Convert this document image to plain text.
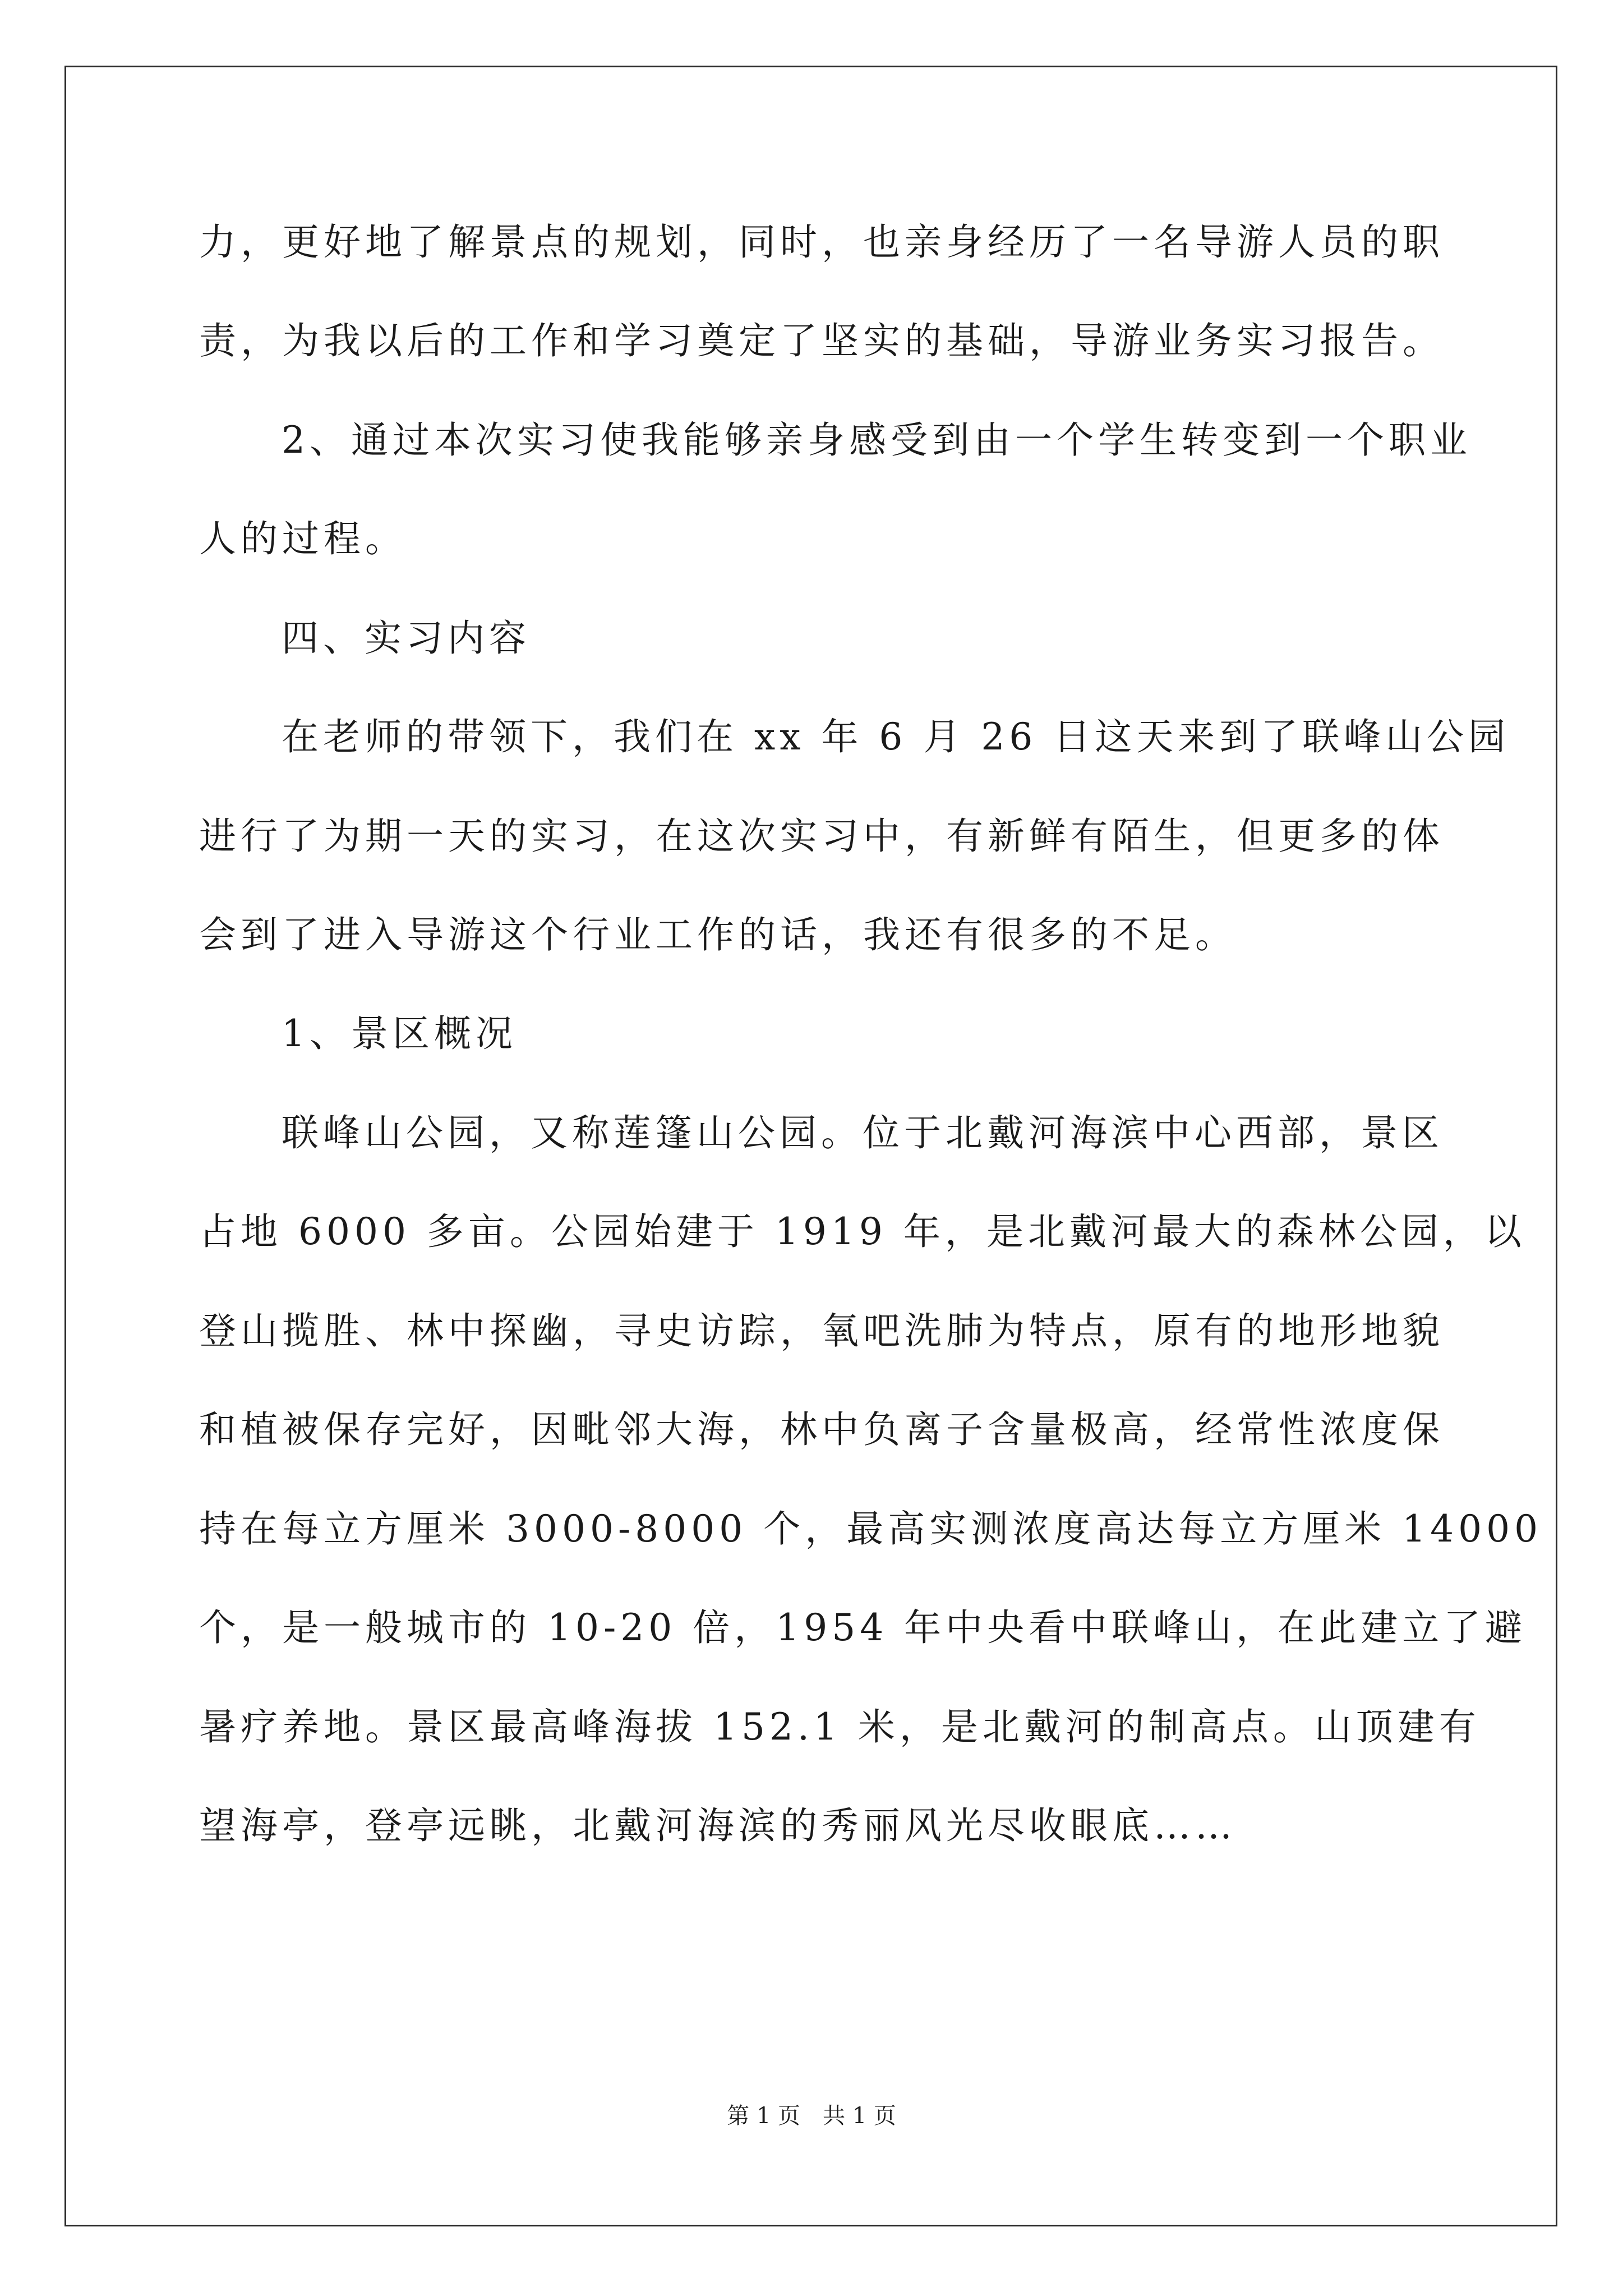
力，更好地了解景点的规划，同时，也亲身经历了一名导游人员的职
责，为我以后的工作和学习奠定了坚实的基础，导游业务实习报告。
2、通过本次实习使我能够亲身感受到由一个学生转变到一个职业
人的过程。
四、实习内容
在老师的带领下，我们在 xx 年 6 月 26 日这天来到了联峰山公园
进行了为期一天的实习，在这次实习中，有新鲜有陌生，但更多的体
会到了进入导游这个行业工作的话，我还有很多的不足。
1、景区概况
联峰山公园，又称莲篷山公园。位于北戴河海滨中心西部，景区
占地 6000 多亩。公园始建于 1919 年，是北戴河最大的森林公园，以
登山揽胜、林中探幽，寻史访踪，氧吧洗肺为特点，原有的地形地貌
和植被保存完好，因毗邻大海，林中负离子含量极高，经常性浓度保
持在每立方厘米 3000-8000 个，最高实测浓度高达每立方厘米 14000
个，是一般城市的 10-20 倍，1954 年中央看中联峰山，在此建立了避
暑疗养地。景区最高峰海拔 152.1 米，是北戴河的制高点。山顶建有
望海亭，登亭远眺，北戴河海滨的秀丽风光尽收眼底……
第 1 页　共 1 页
